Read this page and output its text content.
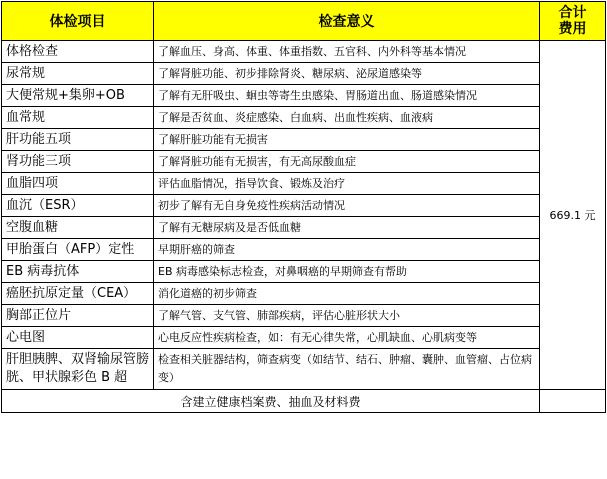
体检项目	检查意义	合计
费用
体格检查	了解血压、身高、体重、体重指数、五官科、内外科等基本情况	669.1 元
尿常规	了解肾脏功能、初步排除肾炎、糖尿病、泌尿道感染等	
大便常规+集卵+OB	了解有无肝吸虫、蛔虫等寄生虫感染、胃肠道出血、肠道感染情况	
血常规	了解是否贫血、炎症感染、白血病、出血性疾病、血液病	
肝功能五项	了解肝脏功能有无损害	
肾功能三项	了解肾脏功能有无损害，有无高尿酸血症	
血脂四项	评估血脂情况，指导饮食、锻炼及治疗	
血沉（ESR）	初步了解有无自身免疫性疾病活动情况	
空腹血糖	了解有无糖尿病及是否低血糖	
甲胎蛋白（AFP）定性	早期肝癌的筛查	
EB 病毒抗体	EB 病毒感染标志检查，对鼻咽癌的早期筛查有帮助	
癌胚抗原定量（CEA）	消化道癌的初步筛查	
胸部正位片	了解气管、支气管、肺部疾病，评估心脏形状大小	
心电图	心电反应性疾病检查，如：有无心律失常，心肌缺血、心肌病变等	
肝胆胰脾、双肾输尿管膀胱、甲状腺彩色 B 超	检查相关脏器结构，筛查病变（如结节、结石、肿瘤、囊肿、血管瘤、占位病变）	
含建立健康档案费、抽血及材料费		
